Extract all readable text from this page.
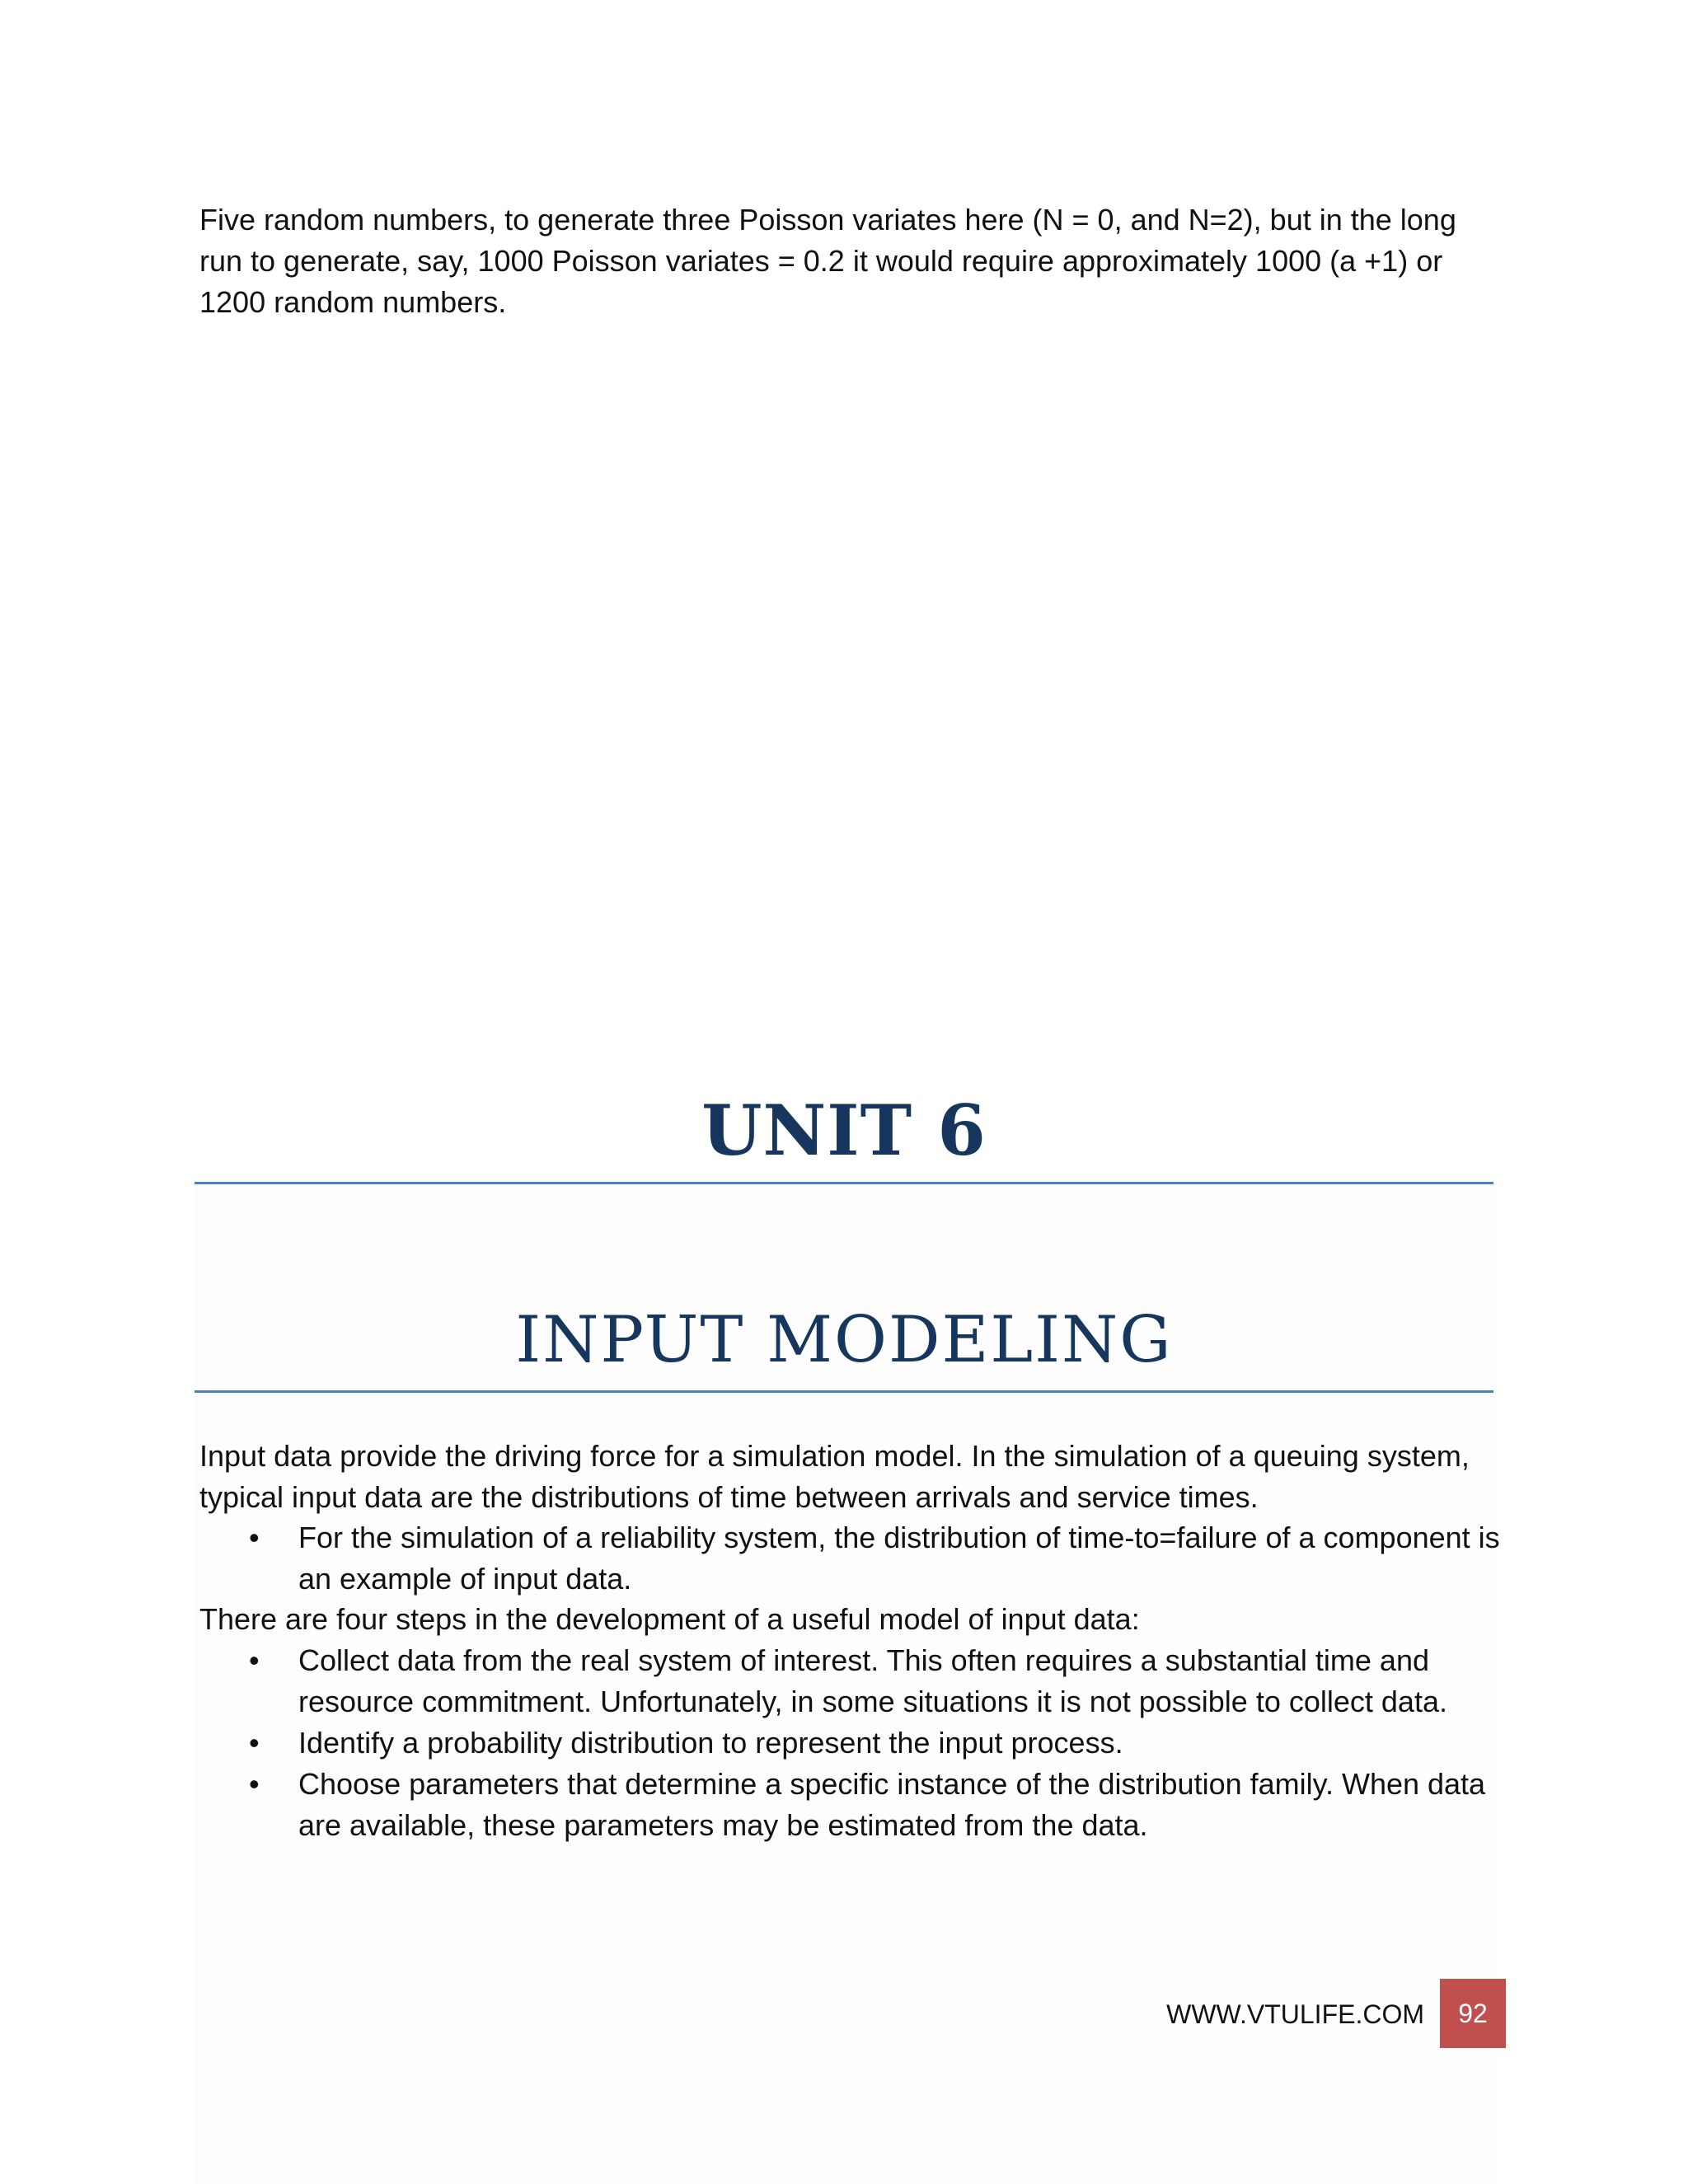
Five random numbers, to generate three Poisson variates here (N = 0, and N=2), but in the long run to generate, say, 1000 Poisson variates = 0.2 it would require approximately 1000 (a +1) or 1200 random numbers.
UNIT 6
INPUT MODELING
Input data provide the driving force for a simulation model. In the simulation of a queuing system, typical input data are the distributions of time between arrivals and service times.
• For the simulation of a reliability system, the distribution of time-to=failure of a component is an example of input data.
There are four steps in the development of a useful model of input data:
• Collect data from the real system of interest. This often requires a substantial time and resource commitment. Unfortunately, in some situations it is not possible to collect data.
• Identify a probability distribution to represent the input process.
• Choose parameters that determine a specific instance of the distribution family. When data are available, these parameters may be estimated from the data.
WWW.VTULIFE.COM	92
